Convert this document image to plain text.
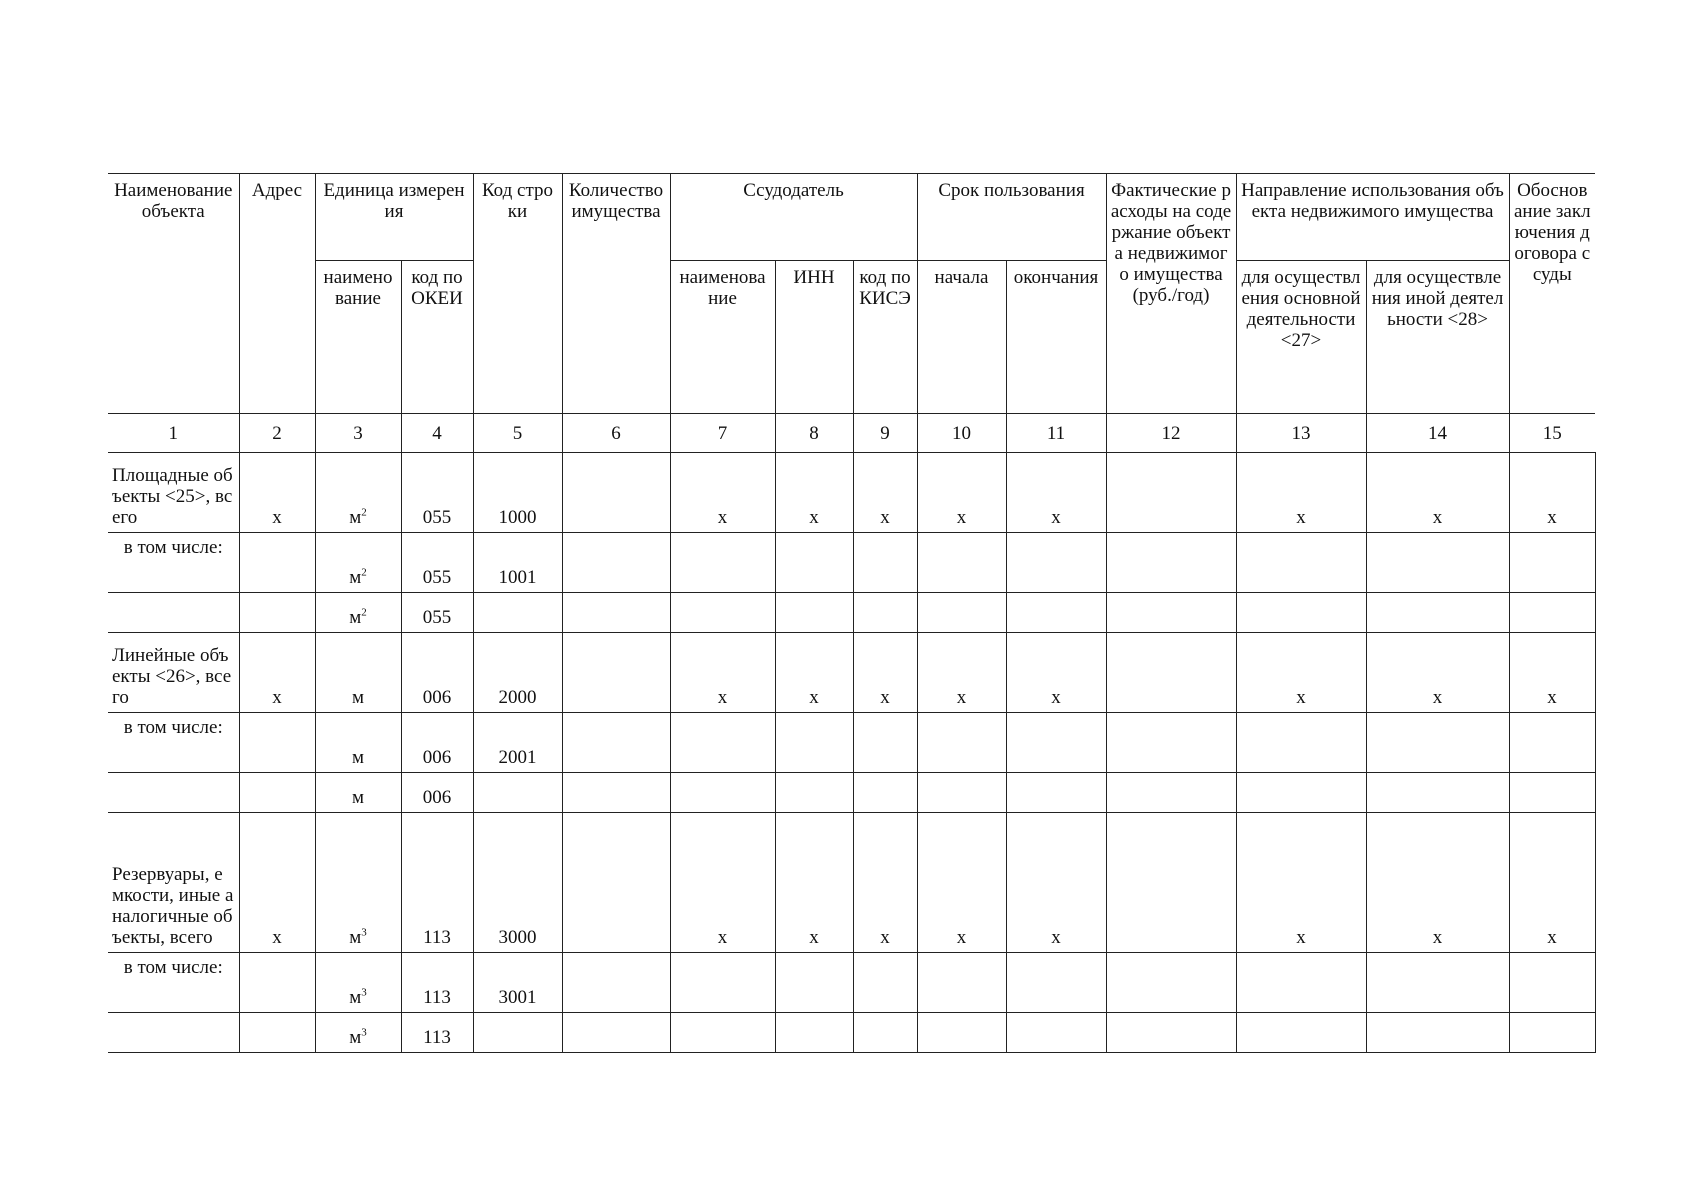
Наименование объекта	Адрес	Единица измерения		Код строки	Количество имущества	Ссудодатель			Срок пользования		Фактические расходы на содержание объекта недвижимого имущества (руб./год)	Направление использования объекта недвижимого имущества		Обоснование заключения договора ссуды
		наименование	код по ОКЕИ			наименование	ИНН	код по КИСЭ	начала	окончания		для осуществления основной деятельности <27>	для осуществления иной деятельности <28>	
1	2	3	4	5	6	7	8	9	10	11	12	13	14	15
Площадные объекты <25>, всего	x	$м^2$	055	1000		x	x	x	x	x		x	x	x
в том числе:		$м^2$	055	1001										
		$м^2$	055											
Линейные объекты <26>, всего	x	м	006	2000		x	x	x	x	x		x	x	x
в том числе:		м	006	2001										
		м	006											
Резервуары, емкости, иные аналогичные объекты, всего	x	$м^3$	113	3000		x	x	x	x	x		x	x	x
в том числе:		$м^3$	113	3001										
		$м^3$	113											
